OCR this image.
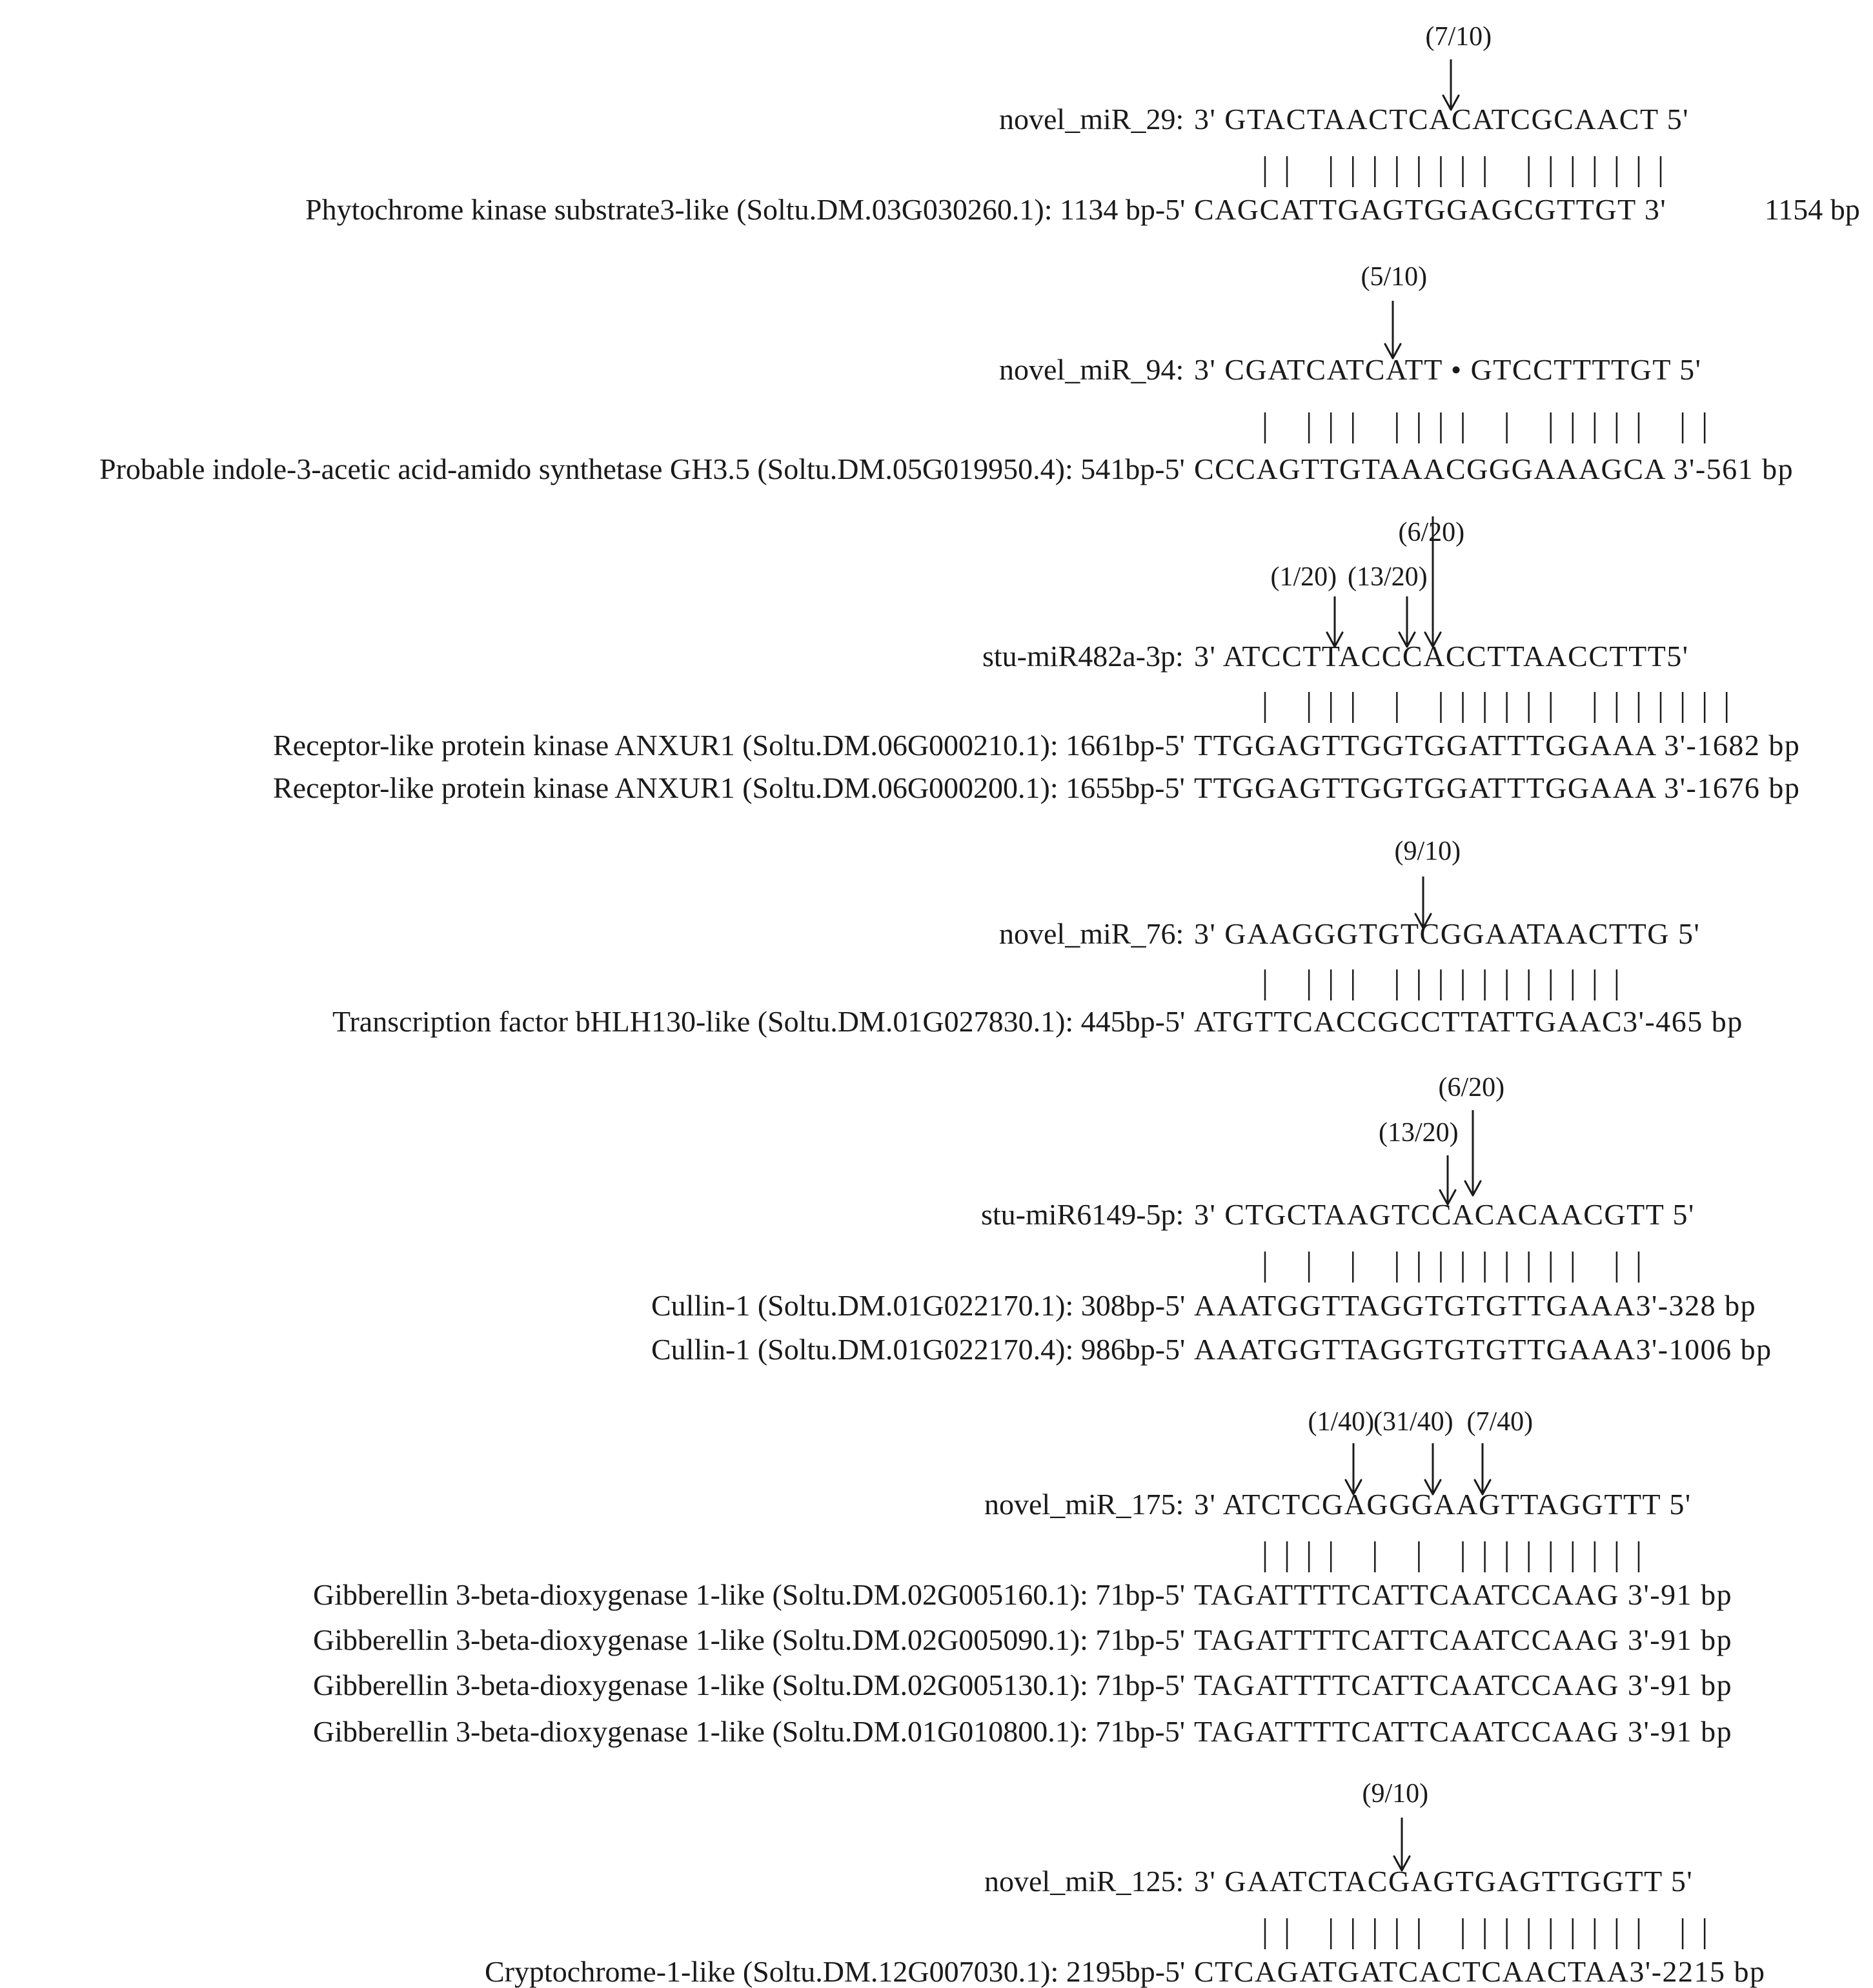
novel_miR_29: 3' GTACTAACTCACATCGCAACT 5'
(7/10)
Phytochrome kinase substrate3-like (Soltu.DM.03G030260.1): 1134 bp-5' CAGCATTGAGTGGAGCGTTGT 3'	1154 bp
novel_miR_94: 3' CGATCATCATT • GTCCTTTTGT 5'
(5/10)
Probable indole-3-acetic acid-amido synthetase GH3.5 (Soltu.DM.05G019950.4): 541bp-5' CCCAGTTGTAAACGGGAAAGCA 3'-561 bp
stu-miR482a-3p: 3' ATCCTTACCCACCTTAACCTTT5'
(1/20) (13/20)
(6/20)
Receptor-like protein kinase ANXUR1 (Soltu.DM.06G000210.1): 1661bp-5' TTGGAGTTGGTGGATTTGGAAA 3'-1682 bp
Receptor-like protein kinase ANXUR1 (Soltu.DM.06G000200.1): 1655bp-5' TTGGAGTTGGTGGATTTGGAAA 3'-1676 bp
novel_miR_76: 3' GAAGGGTGTCGGAATAACTTG 5'
(9/10)
Transcription factor bHLH130-like (Soltu.DM.01G027830.1): 445bp-5' ATGTTCACCGCCTTATTGAAC3'-465 bp
stu-miR6149-5p: 3' CTGCTAAGTCCACACAACGTT 5'
(13/20)
(6/20)
Cullin-1 (Soltu.DM.01G022170.1): 308bp-5' AAATGGTTAGGTGTGTTGAAA3'-328 bp
Cullin-1 (Soltu.DM.01G022170.4): 986bp-5' AAATGGTTAGGTGTGTTGAAA3'-1006 bp
novel_miR_175: 3' ATCTCGAGGGAAGTTAGGTTT 5'
(1/40)
(31/40) (7/40)
Gibberellin 3-beta-dioxygenase 1-like (Soltu.DM.02G005160.1): 71bp-5' TAGATTTTCATTCAATCCAAG 3'-91 bp
Gibberellin 3-beta-dioxygenase 1-like (Soltu.DM.02G005090.1): 71bp-5' TAGATTTTCATTCAATCCAAG 3'-91 bp
Gibberellin 3-beta-dioxygenase 1-like (Soltu.DM.02G005130.1): 71bp-5' TAGATTTTCATTCAATCCAAG 3'-91 bp
Gibberellin 3-beta-dioxygenase 1-like (Soltu.DM.01G010800.1): 71bp-5' TAGATTTTCATTCAATCCAAG 3'-91 bp
novel_miR_125: 3' GAATCTACGAGTGAGTTGGTT 5'
(9/10)
Cryptochrome-1-like (Soltu.DM.12G007030.1): 2195bp-5' CTCAGATGATCACTCAACTAA3'-2215 bp
